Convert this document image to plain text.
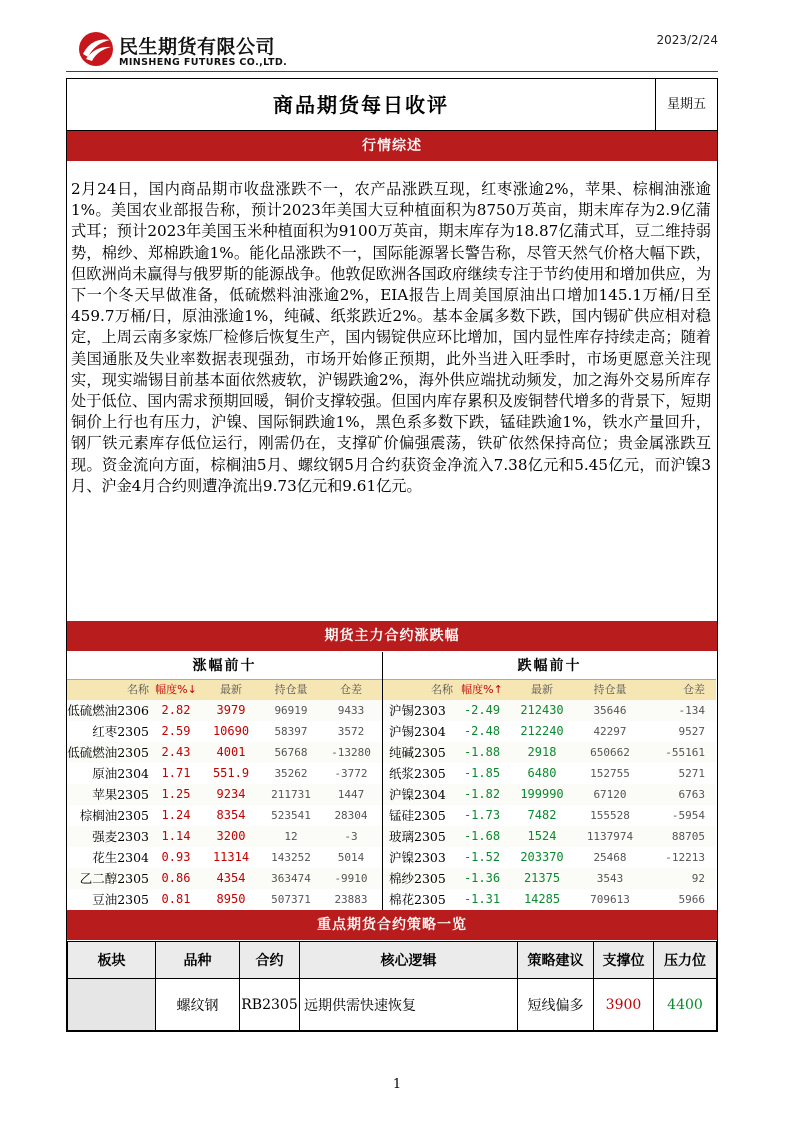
民生期货有限公司
MINSHENG FUTURES CO.,LTD.
2023/2/24
商品期货每日收评	星期五
行情综述
2月24日，国内商品期市收盘涨跌不一，农产品涨跌互现，红枣涨逾2%，苹果、棕榈油涨逾1%。美国农业部报告称，预计2023年美国大豆种植面积为8750万英亩，期末库存为2.9亿蒲式耳；预计2023年美国玉米种植面积为9100万英亩，期末库存为18.87亿蒲式耳，豆二维持弱势，棉纱、郑棉跌逾1%。能化品涨跌不一，国际能源署长警告称，尽管天然气价格大幅下跌，但欧洲尚未赢得与俄罗斯的能源战争。他敦促欧洲各国政府继续专注于节约使用和增加供应，为下一个冬天早做准备，低硫燃料油涨逾2%，EIA报告上周美国原油出口增加145.1万桶/日至459.7万桶/日，原油涨逾1%，纯碱、纸浆跌近2%。基本金属多数下跌，国内锡矿供应相对稳定，上周云南多家炼厂检修后恢复生产，国内锡锭供应环比增加，国内显性库存持续走高；随着美国通胀及失业率数据表现强劲，市场开始修正预期，此外当进入旺季时，市场更愿意关注现实，现实端锡目前基本面依然疲软，沪锡跌逾2%，海外供应端扰动频发，加之海外交易所库存处于低位、国内需求预期回暖，铜价支撑较强。但国内库存累积及废铜替代增多的背景下，短期铜价上行也有压力，沪镍、国际铜跌逾1%，黑色系多数下跌，锰硅跌逾1%，铁水产量回升，钢厂铁元素库存低位运行，刚需仍在，支撑矿价偏强震荡，铁矿依然保持高位；贵金属涨跌互现。资金流向方面，棕榈油5月、螺纹钢5月合约获资金净流入7.38亿元和5.45亿元，而沪镍3月、沪金4月合约则遭净流出9.73亿元和9.61亿元。
期货主力合约涨跌幅
涨幅前十
名称 幅度%↓	最新	持仓量	仓差
低硫燃油2306	2.82	3979	96919	9433
红枣2305	2.59	10690	58397	3572
低硫燃油2305	2.43	4001	56768	-13280
原油2304	1.71	551.9	35262	-3772
苹果2305	1.25	9234	211731	1447
棕榈油2305	1.24	8354	523541	28304
强麦2303	1.14	3200	12	-3
花生2304	0.93	11314	143252	5014
乙二醇2305	0.86	4354	363474	-9910
豆油2305	0.81	8950	507371	23883
跌幅前十
名称 幅度%↑	最新	持仓量	仓差
沪锡2303	-2.49	212430	35646	-134
沪锡2304	-2.48	212240	42297	9527
纯碱2305	-1.88	2918	650662	-55161
纸浆2305	-1.85	6480	152755	5271
沪镍2304	-1.82	199990	67120	6763
锰硅2305	-1.73	7482	155528	-5954
玻璃2305	-1.68	1524	1137974	88705
沪镍2303	-1.52	203370	25468	-12213
棉纱2305	-1.36	21375	3543	92
棉花2305	-1.31	14285	709613	5966
重点期货合约策略一览
板块	品种	合约	核心逻辑	策略建议	支撑位	压力位
	螺纹钢	RB2305	远期供需快速恢复	短线偏多	3900	4400
1
